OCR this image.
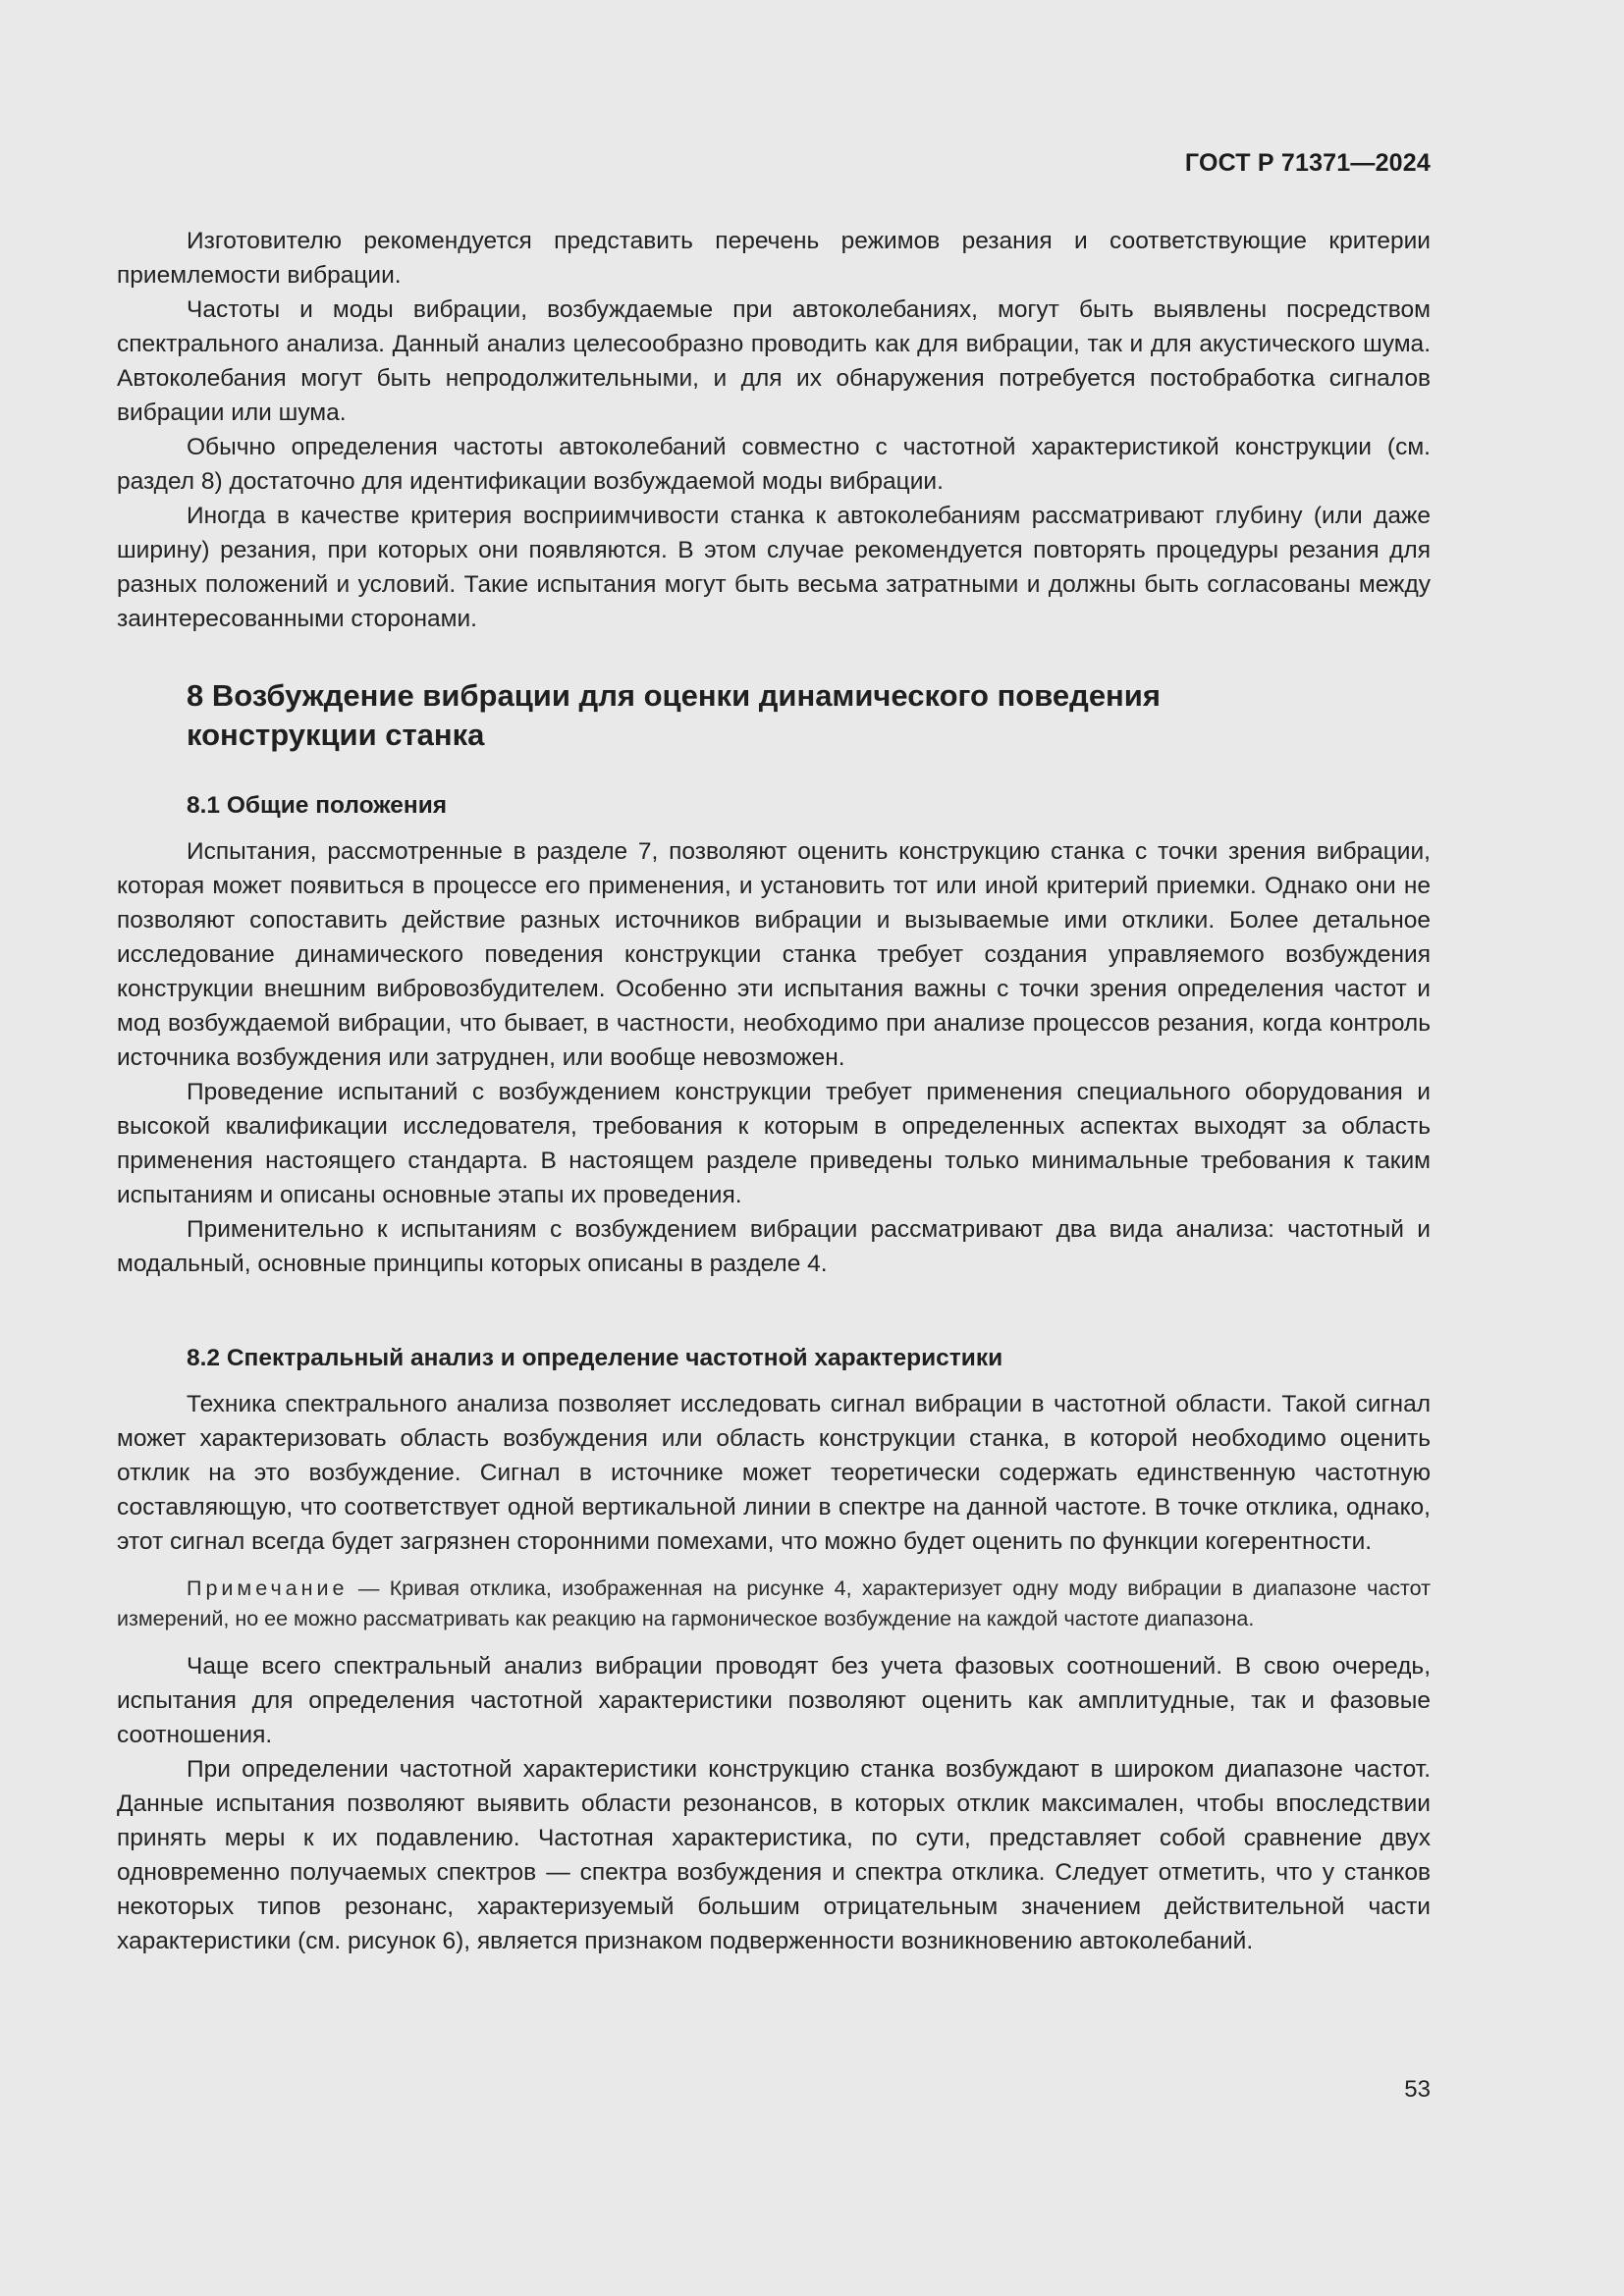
ГОСТ Р 71371—2024

Изготовителю рекомендуется представить перечень режимов резания и соответствующие критерии приемлемости вибрации.

Частоты и моды вибрации, возбуждаемые при автоколебаниях, могут быть выявлены посредством спектрального анализа. Данный анализ целесообразно проводить как для вибрации, так и для акустического шума. Автоколебания могут быть непродолжительными, и для их обнаружения потребуется постобработка сигналов вибрации или шума.

Обычно определения частоты автоколебаний совместно с частотной характеристикой конструкции (см. раздел 8) достаточно для идентификации возбуждаемой моды вибрации.

Иногда в качестве критерия восприимчивости станка к автоколебаниям рассматривают глубину (или даже ширину) резания, при которых они появляются. В этом случае рекомендуется повторять процедуры резания для разных положений и условий. Такие испытания могут быть весьма затратными и должны быть согласованы между заинтересованными сторонами.

8 Возбуждение вибрации для оценки динамического поведения
конструкции станка
8.1 Общие положения

Испытания, рассмотренные в разделе 7, позволяют оценить конструкцию станка с точки зрения вибрации, которая может появиться в процессе его применения, и установить тот или иной критерий приемки. Однако они не позволяют сопоставить действие разных источников вибрации и вызываемые ими отклики. Более детальное исследование динамического поведения конструкции станка требует создания управляемого возбуждения конструкции внешним вибровозбудителем. Особенно эти испытания важны с точки зрения определения частот и мод возбуждаемой вибрации, что бывает, в частности, необходимо при анализе процессов резания, когда контроль источника возбуждения или затруднен, или вообще невозможен.

Проведение испытаний с возбуждением конструкции требует применения специального оборудования и высокой квалификации исследователя, требования к которым в определенных аспектах выходят за область применения настоящего стандарта. В настоящем разделе приведены только минимальные требования к таким испытаниям и описаны основные этапы их проведения.

Применительно к испытаниям с возбуждением вибрации рассматривают два вида анализа: частотный и модальный, основные принципы которых описаны в разделе 4.

8.2 Спектральный анализ и определение частотной характеристики

Техника спектрального анализа позволяет исследовать сигнал вибрации в частотной области. Такой сигнал может характеризовать область возбуждения или область конструкции станка, в которой необходимо оценить отклик на это возбуждение. Сигнал в источнике может теоретически содержать единственную частотную составляющую, что соответствует одной вертикальной линии в спектре на данной частоте. В точке отклика, однако, этот сигнал всегда будет загрязнен сторонними помехами, что можно будет оценить по функции когерентности.

Примечание — Кривая отклика, изображенная на рисунке 4, характеризует одну моду вибрации в диапазоне частот измерений, но ее можно рассматривать как реакцию на гармоническое возбуждение на каждой частоте диапазона.

Чаще всего спектральный анализ вибрации проводят без учета фазовых соотношений. В свою очередь, испытания для определения частотной характеристики позволяют оценить как амплитудные, так и фазовые соотношения.

При определении частотной характеристики конструкцию станка возбуждают в широком диапазоне частот. Данные испытания позволяют выявить области резонансов, в которых отклик максимален, чтобы впоследствии принять меры к их подавлению. Частотная характеристика, по сути, представляет собой сравнение двух одновременно получаемых спектров — спектра возбуждения и спектра отклика. Следует отметить, что у станков некоторых типов резонанс, характеризуемый большим отрицательным значением действительной части характеристики (см. рисунок 6), является признаком подверженности возникновению автоколебаний.

53
